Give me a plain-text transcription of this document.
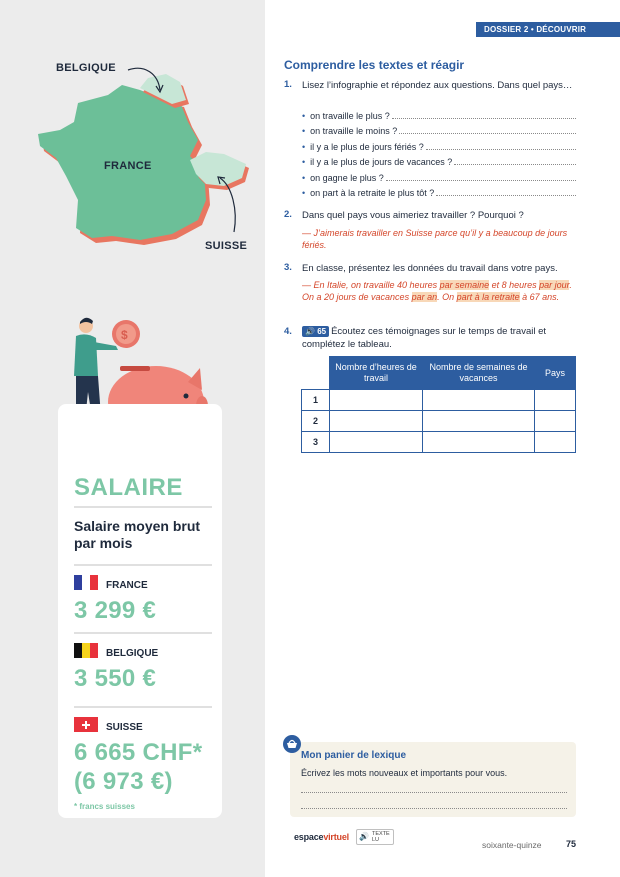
BELGIQUE
FRANCE
SUISSE
$
SALAIRE
Salaire moyen brut par mois
FRANCE
3 299 €
BELGIQUE
3 550 €
SUISSE
6 665 CHF*
(6 973 €)
* francs suisses
DOSSIER 2 • DÉCOUVRIR
Comprendre les textes et réagir
1. Lisez l’infographie et répondez aux questions. Dans quel pays…
• on travaille le plus ?
• on travaille le moins ?
• il y a le plus de jours fériés ?
• il y a le plus de jours de vacances ?
• on gagne le plus ?
• on part à la retraite le plus tôt ?
2. Dans quel pays vous aimeriez travailler ? Pourquoi ?
— J’aimerais travailler en Suisse parce qu’il y a beaucoup de jours fériés.
3. En classe, présentez les données du travail dans votre pays.
— En Italie, on travaille 40 heures par semaine et 8 heures par jour. On a 20 jours de vacances par an. On part à la retraite à 67 ans.
4.	🔊 65 Écoutez ces témoignages sur le temps de travail et complétez le tableau.
	Nombre d’heures de travail	Nombre de semaines de vacances	Pays
1			
2			
3			
Mon panier de lexique
Écrivez les mots nouveaux et importants pour vous.
espacevirtuel 🔊 TEXTE LU	soixante-quinze	75
